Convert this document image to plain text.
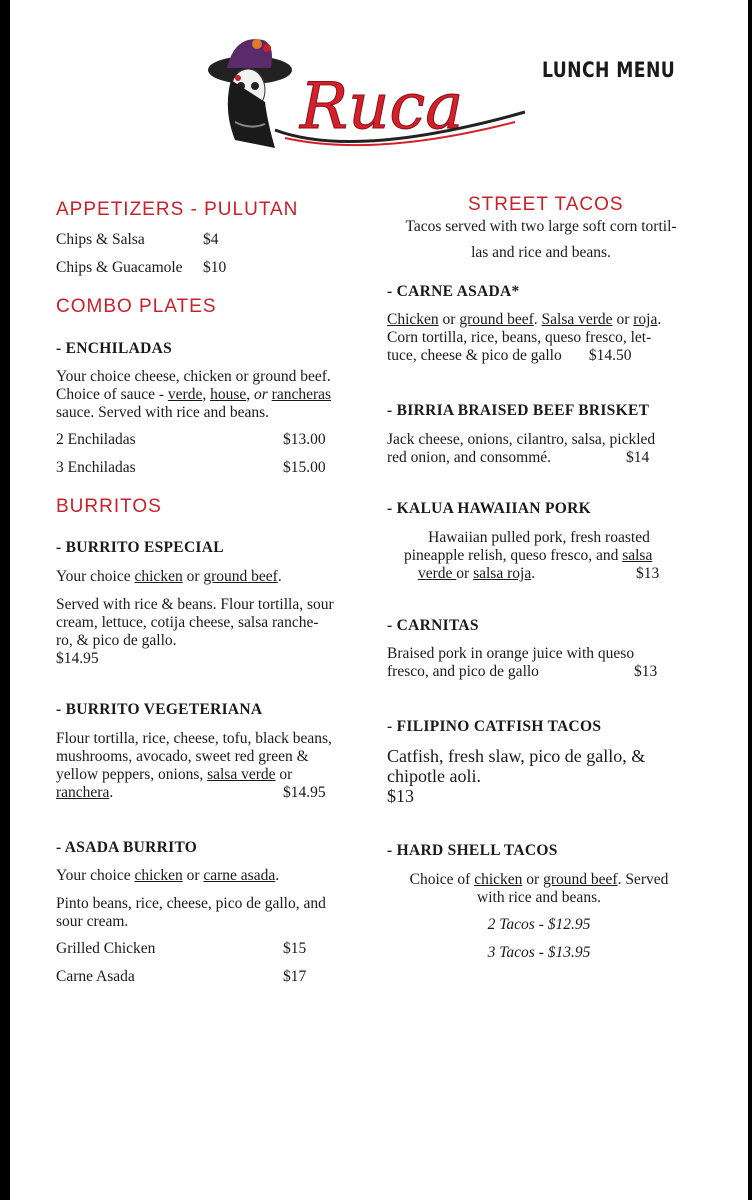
Ruca	LUNCH MENU
APPETIZERS - PULUTAN
Chips & Salsa	$4
Chips & Guacamole $10
COMBO PLATES
- ENCHILADAS
Your choice cheese, chicken or ground beef.
Choice of sauce - verde, house, or rancheras
sauce. Served with rice and beans.
2 Enchiladas	$13.00
3 Enchiladas	$15.00
BURRITOS
- BURRITO ESPECIAL
Your choice chicken or ground beef.
Served with rice & beans. Flour tortilla, sour
cream, lettuce, cotija cheese, salsa ranche-
ro, & pico de gallo.
$14.95
- BURRITO VEGETERIANA
Flour tortilla, rice, cheese, tofu, black beans,
mushrooms, avocado, sweet red green &
yellow peppers, onions, salsa verde or
ranchera.	$14.95
- ASADA BURRITO
Your choice chicken or carne asada.
Pinto beans, rice, cheese, pico de gallo, and
sour cream.
Grilled Chicken	$15
Carne Asada	$17
STREET TACOS
Tacos served with two large soft corn tortil-
las and rice and beans.
- CARNE ASADA*
Chicken or ground beef. Salsa verde or roja.
Corn tortilla, rice, beans, queso fresco, let-
tuce, cheese & pico de gallo $14.50
- BIRRIA BRAISED BEEF BRISKET
Jack cheese, onions, cilantro, salsa, pickled
red onion, and consommé.	$14
- KALUA HAWAIIAN PORK
Hawaiian pulled pork, fresh roasted
pineapple relish, queso fresco, and salsa
verde or salsa roja.	$13
- CARNITAS
Braised pork in orange juice with queso
fresco, and pico de gallo	$13
- FILIPINO CATFISH TACOS
Catfish, fresh slaw, pico de gallo, &
chipotle aoli.
$13
- HARD SHELL TACOS
Choice of chicken or ground beef. Served
with rice and beans.
2 Tacos - $12.95
3 Tacos - $13.95
